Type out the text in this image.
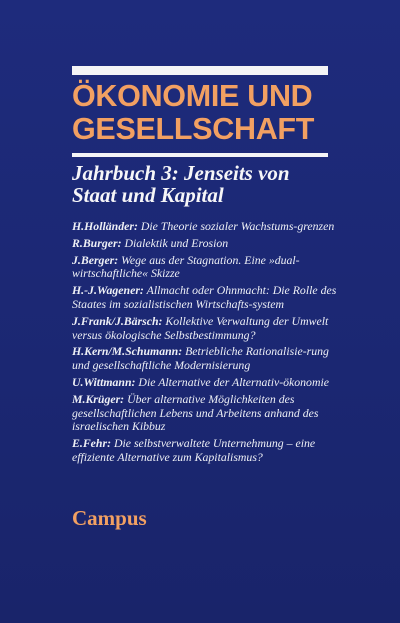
ÖKONOMIE UND
GESELLSCHAFT
Jahrbuch 3: Jenseits von
Staat und Kapital
H.Holländer: Die Theorie sozialer Wachstums-grenzen
R.Burger: Dialektik und Erosion
J.Berger: Wege aus der Stagnation. Eine »dual-wirtschaftliche« Skizze
H.-J.Wagener: Allmacht oder Ohnmacht: Die Rolle des Staates im sozialistischen Wirtschafts-system
J.Frank/J.Bärsch: Kollektive Verwaltung der Umwelt versus ökologische Selbstbestimmung?
H.Kern/M.Schumann: Betriebliche Rationalisie-rung und gesellschaftliche Modernisierung
U.Wittmann: Die Alternative der Alternativ-ökonomie
M.Krüger: Über alternative Möglichkeiten des gesellschaftlichen Lebens und Arbeitens anhand des israelischen Kibbuz
E.Fehr: Die selbstverwaltete Unternehmung – eine effiziente Alternative zum Kapitalismus?
Campus
